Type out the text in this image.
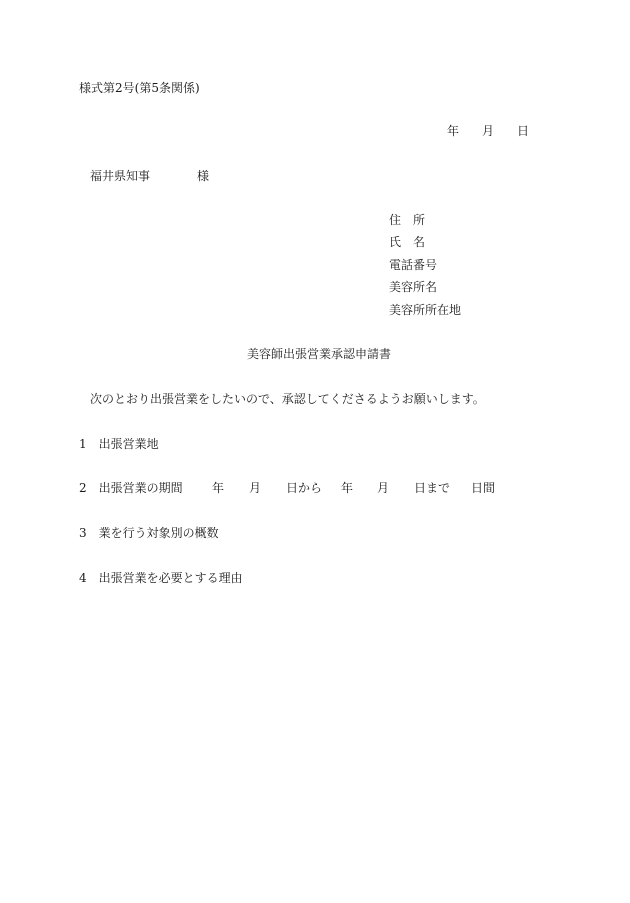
様式第2号(第5条関係)
年 月 日
福井県知事	様
住　所
氏　名
電話番号
美容所名
美容所所在地
美容師出張営業承認申請書
次のとおり出張営業をしたいので、承認してくださるようお願いします。
1　出張営業地
2　出張営業の期間 年 月 日から 年 月 日まで 日間
3　業を行う対象別の概数
4　出張営業を必要とする理由
